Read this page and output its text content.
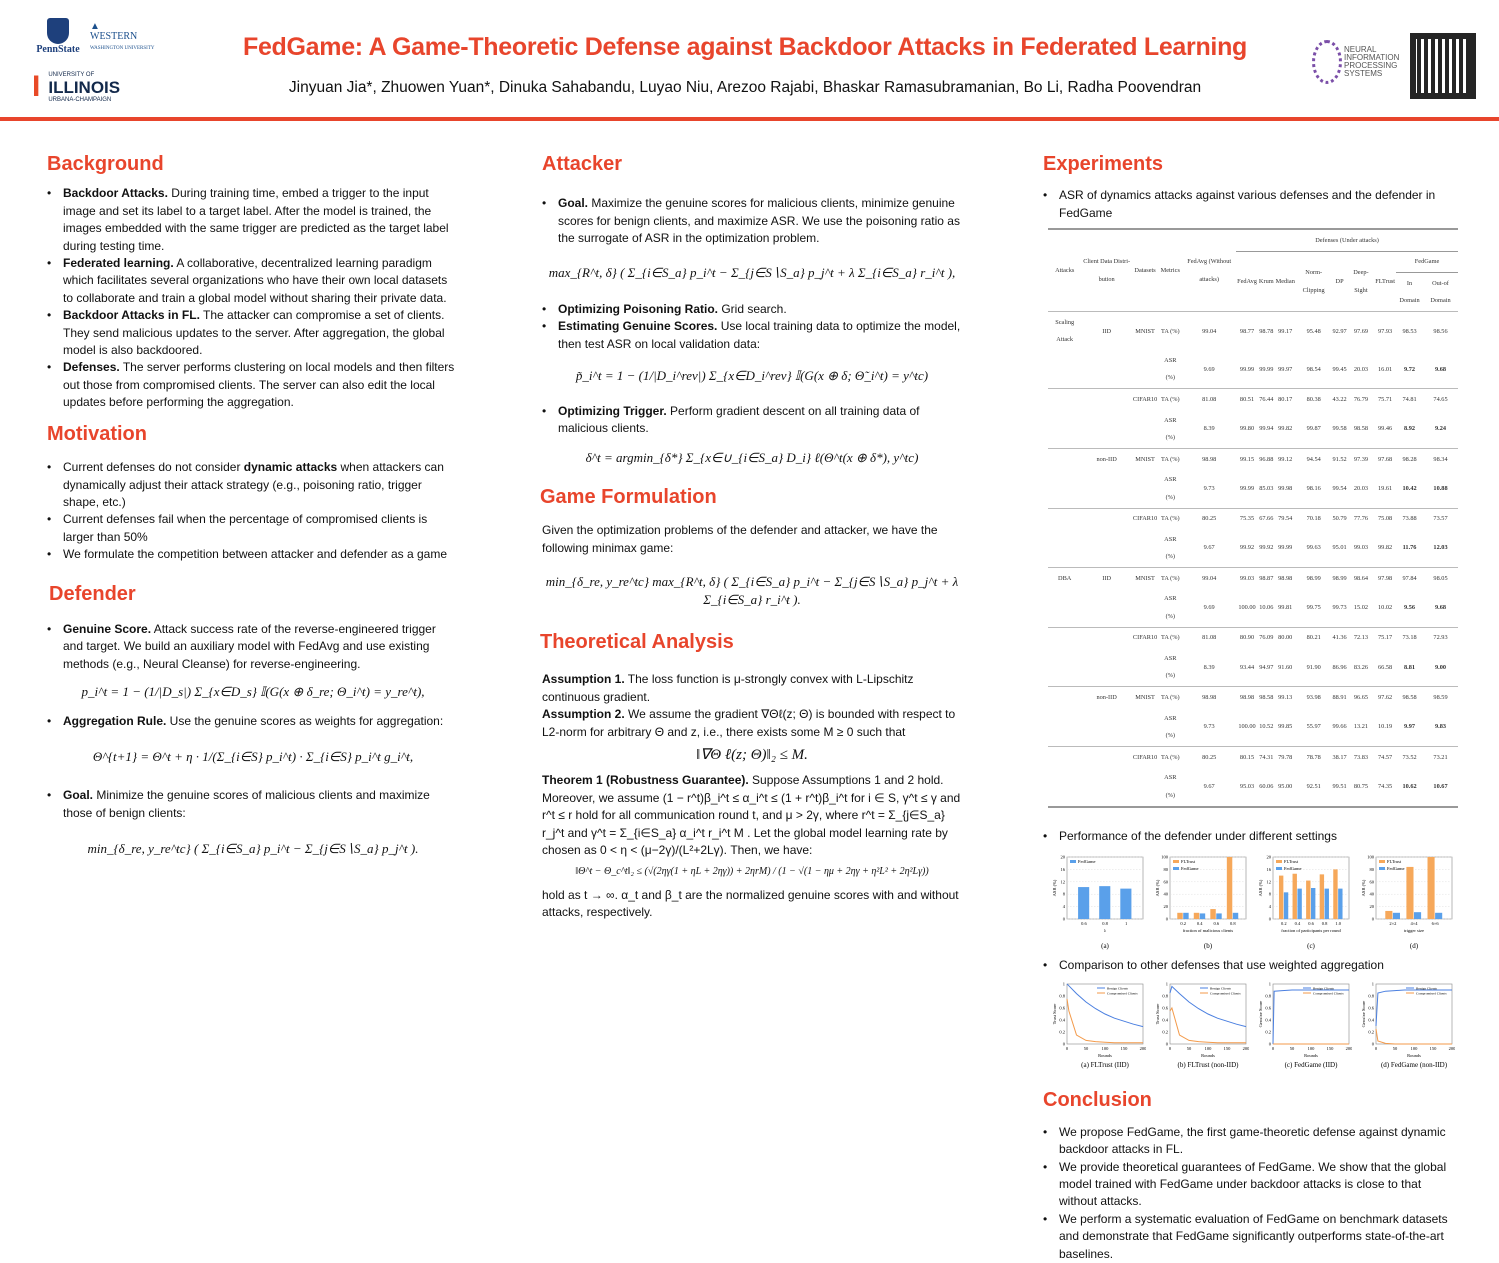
PennState
▲
WESTERN
WASHINGTON UNIVERSITY
I UNIVERSITY OF
ILLINOIS
URBANA-CHAMPAIGN
FedGame: A Game-Theoretic Defense against Backdoor Attacks in Federated Learning
Jinyuan Jia*, Zhuowen Yuan*, Dinuka Sahabandu, Luyao Niu, Arezoo Rajabi, Bhaskar Ramasubramanian, Bo Li, Radha Poovendran
NEURAL
INFORMATION
PROCESSING
SYSTEMS
Background
• Backdoor Attacks. During training time, embed a trigger to the input image and set its label to a target label. After the model is trained, the images embedded with the same trigger are predicted as the target label during testing time.
• Federated learning. A collaborative, decentralized learning paradigm which facilitates several organizations who have their own local datasets to collaborate and train a global model without sharing their private data.
• Backdoor Attacks in FL. The attacker can compromise a set of clients. They send malicious updates to the server. After aggregation, the global model is also backdoored.
• Defenses. The server performs clustering on local models and then filters out those from compromised clients. The server can also edit the local updates before performing the aggregation.
Motivation
• Current defenses do not consider dynamic attacks when attackers can dynamically adjust their attack strategy (e.g., poisoning ratio, trigger shape, etc.)
• Current defenses fail when the percentage of compromised clients is larger than 50%
• We formulate the competition between attacker and defender as a game
Defender
• Genuine Score. Attack success rate of the reverse-engineered trigger and target. We build an auxiliary model with FedAvg and use existing methods (e.g., Neural Cleanse) for reverse-engineering.
p_i^t = 1 − (1/|D_s|) Σ_{x∈D_s} 𝕀(G(x ⊕ δ_re; Θ_i^t) = y_re^t),
• Aggregation Rule. Use the genuine scores as weights for aggregation:
Θ^{t+1} = Θ^t + η · 1/(Σ_{i∈S} p_i^t) · Σ_{i∈S} p_i^t g_i^t,
• Goal. Minimize the genuine scores of malicious clients and maximize those of benign clients:
min_{δ_re, y_re^tc} ( Σ_{i∈S_a} p_i^t − Σ_{j∈S∖S_a} p_j^t ).
Attacker
• Goal. Maximize the genuine scores for malicious clients, minimize genuine scores for benign clients, and maximize ASR. We use the poisoning ratio as the surrogate of ASR in the optimization problem.
max_{R^t, δ} ( Σ_{i∈S_a} p_i^t − Σ_{j∈S∖S_a} p_j^t + λ Σ_{i∈S_a} r_i^t ),
• Optimizing Poisoning Ratio. Grid search.
• Estimating Genuine Scores. Use local training data to optimize the model, then test ASR on local validation data:
p̃_i^t = 1 − (1/|D_i^rev|) Σ_{x∈D_i^rev} 𝕀(G(x ⊕ δ; Θ̃_i^t) = y^tc)
• Optimizing Trigger. Perform gradient descent on all training data of malicious clients.
δ^t = argmin_{δ*} Σ_{x∈∪_{i∈S_a} D_i} ℓ(Θ^t(x ⊕ δ*), y^tc)
Game Formulation

Given the optimization problems of the defender and attacker, we have the following minimax game:

min_{δ_re, y_re^tc} max_{R^t, δ} ( Σ_{i∈S_a} p_i^t − Σ_{j∈S∖S_a} p_j^t + λ Σ_{i∈S_a} r_i^t ).
Theoretical Analysis

Assumption 1. The loss function is μ-strongly convex with L-Lipschitz continuous gradient.

Assumption 2. We assume the gradient ∇Θℓ(z; Θ) is bounded with respect to L2-norm for arbitrary Θ and z, i.e., there exists some M ≥ 0 such that

‖∇Θ ℓ(z; Θ)‖₂ ≤ M.

Theorem 1 (Robustness Guarantee). Suppose Assumptions 1 and 2 hold. Moreover, we assume (1 − r^t)β_i^t ≤ α_i^t ≤ (1 + r^t)β_i^t for i ∈ S, γ^t ≤ γ and r^t ≤ r hold for all communication round t, and μ > 2γ, where r^t = Σ_{j∈S_a} r_j^t and γ^t = Σ_{i∈S_a} α_i^t r_i^t M . Let the global model learning rate by chosen as 0 < η < (μ−2γ)/(L²+2Lγ). Then, we have:

‖Θ^t − Θ_c^t‖₂ ≤ (√(2ηγ(1 + ηL + 2ηγ)) + 2ηrM) / (1 − √(1 − ημ + 2ηγ + η²L² + 2η²Lγ))

hold as t → ∞. α_t and β_t are the normalized genuine scores with and without attacks, respectively.

Experiments
• ASR of dynamics attacks against various defenses and the defender in FedGame
Attacks	Client Data Distri-bution	Datasets	Metrics	FedAvg (Without attacks)	Defenses (Under attacks)								
					FedAvg	Krum	Median	Norm-Clipping	DP	Deep-Sight	FLTrust	FedGame	
												In Domain	Out-of Domain
Scaling Attack	IID	MNIST	TA (%)	99.04	98.77	98.78	99.17	95.48	92.97	97.69	97.93	98.53	98.56
			ASR (%)	9.69	99.99	99.99	99.97	98.54	99.45	20.03	16.01	9.72	9.68
		CIFAR10	TA (%)	81.08	80.51	76.44	80.17	80.38	43.22	76.79	75.71	74.81	74.65
			ASR (%)	8.39	99.80	99.94	99.82	99.87	99.58	98.58	99.46	8.92	9.24
	non-IID	MNIST	TA (%)	98.98	99.15	96.88	99.12	94.54	91.52	97.39	97.68	98.28	98.34
			ASR (%)	9.73	99.99	85.03	99.98	98.16	99.54	20.03	19.61	10.42	10.88
		CIFAR10	TA (%)	80.25	75.35	67.66	79.54	70.18	50.79	77.76	75.08	73.88	73.57
			ASR (%)	9.67	99.92	99.92	99.99	99.63	95.01	99.03	99.82	11.76	12.03
DBA	IID	MNIST	TA (%)	99.04	99.03	98.87	98.98	98.99	98.99	98.64	97.98	97.84	98.05
			ASR (%)	9.69	100.00	10.06	99.81	99.75	99.73	15.02	10.02	9.56	9.68
		CIFAR10	TA (%)	81.08	80.90	76.09	80.00	80.21	41.36	72.13	75.17	73.18	72.93
			ASR (%)	8.39	93.44	94.97	91.60	91.90	86.96	83.26	66.58	8.81	9.00
	non-IID	MNIST	TA (%)	98.98	98.98	98.58	99.13	93.98	88.91	96.65	97.62	98.58	98.59
			ASR (%)	9.73	100.00	10.52	99.85	55.97	99.66	13.21	10.19	9.97	9.83
		CIFAR10	TA (%)	80.25	80.15	74.31	79.78	78.78	38.17	73.83	74.57	73.52	73.21
			ASR (%)	9.67	95.03	60.06	95.00	92.51	99.51	80.75	74.35	10.62	10.67
• Performance of the defender under different settings
ASR (%)
λ
(a)
0
4
8
12
16
20
0.6	0.8	1
FedGame
ASR (%)
fraction of malicious clients
(b)
0
20
40
60
80
100
0.2 0.4 0.6 0.8
FLTrust
FedGame
ASR (%)
fraction of participants per round
(c)
0
4
8
12
16
20
0.2 0.4 0.6 0.8 1.0
FLTrust
FedGame
ASR (%)
trigger size
(d)
0
20
40
60
80
100
2×2	4×4	6×6
FLTrust
FedGame
• Comparison to other defenses that use weighted aggregation
Trust Score
Rounds
(a) FLTrust (IID)
0
0.2
0.4
0.6
0.8
1
0	50	100	150	200
Benign Clients
Compromised Clients
Trust Score
Rounds
(b) FLTrust (non-IID)
0
0.2
0.4
0.6
0.8
1
0	50	100	150	200
Benign Clients
Compromised Clients
Genuine Score
Rounds
(c) FedGame (IID)
0
0.2
0.4
0.6
0.8
1
0	50	100	150	200
Benign Clients
Compromised Clients
Genuine Score
Rounds
(d) FedGame (non-IID)
0
0.2
0.4
0.6
0.8
1
0	50	100	150	200
Benign Clients
Compromised Clients
Conclusion
• We propose FedGame, the first game-theoretic defense against dynamic backdoor attacks in FL.
• We provide theoretical guarantees of FedGame. We show that the global model trained with FedGame under backdoor attacks is close to that without attacks.
• We perform a systematic evaluation of FedGame on benchmark datasets and demonstrate that FedGame significantly outperforms state-of-the-art baselines.
